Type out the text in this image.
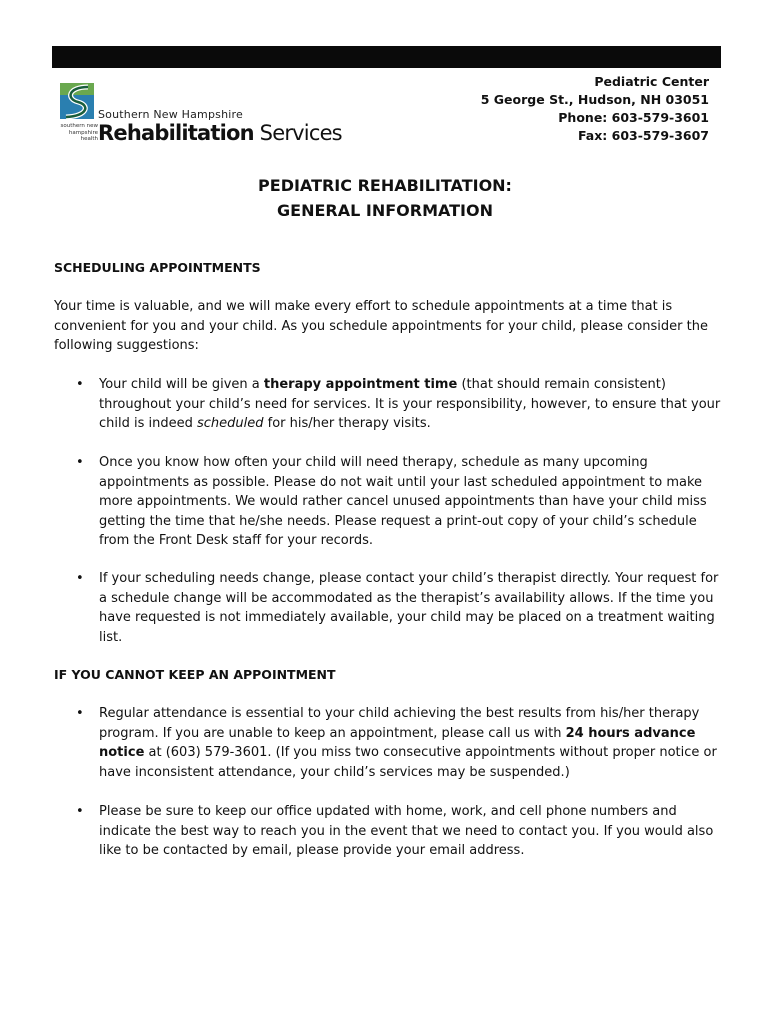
southern new hampshire health
Southern New Hampshire
Rehabilitation Services
Pediatric Center
5 George St., Hudson, NH 03051
Phone: 603-579-3601
Fax: 603-579-3607
PEDIATRIC REHABILITATION:
GENERAL INFORMATION
SCHEDULING APPOINTMENTS
Your time is valuable, and we will make every effort to schedule appointments at a time that is
convenient for you and your child. As you schedule appointments for your child, please consider the
following suggestions:
• Your child will be given a therapy appointment time (that should remain consistent)
throughout your child’s need for services. It is your responsibility, however, to ensure that your
child is indeed scheduled for his/her therapy visits.
• Once you know how often your child will need therapy, schedule as many upcoming
appointments as possible. Please do not wait until your last scheduled appointment to make
more appointments. We would rather cancel unused appointments than have your child miss
getting the time that he/she needs. Please request a print-out copy of your child’s schedule
from the Front Desk staff for your records.
• If your scheduling needs change, please contact your child’s therapist directly. Your request for
a schedule change will be accommodated as the therapist’s availability allows. If the time you
have requested is not immediately available, your child may be placed on a treatment waiting
list.
IF YOU CANNOT KEEP AN APPOINTMENT
• Regular attendance is essential to your child achieving the best results from his/her therapy
program. If you are unable to keep an appointment, please call us with 24 hours advance
notice at (603) 579-3601. (If you miss two consecutive appointments without proper notice or
have inconsistent attendance, your child’s services may be suspended.)
• Please be sure to keep our office updated with home, work, and cell phone numbers and
indicate the best way to reach you in the event that we need to contact you. If you would also
like to be contacted by email, please provide your email address.
